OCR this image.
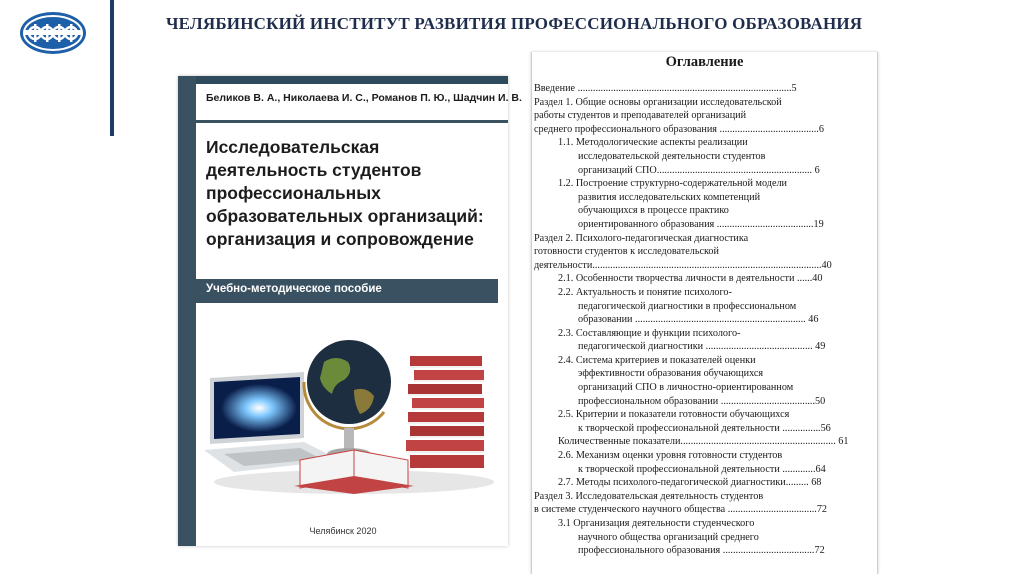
ЧЕЛЯБИНСКИЙ ИНСТИТУТ РАЗВИТИЯ ПРОФЕССИОНАЛЬНОГО ОБРАЗОВАНИЯ
Беликов В. А., Николаева И. С., Романов П. Ю., Шадчин И. В.
Исследовательская
деятельность студентов
профессиональных
образовательных организаций:
организация и сопровождение
Учебно-методическое пособие
Челябинск 2020
Оглавление
Введение ....................................................................................5
Раздел 1. Общие основы организации исследовательской
работы студентов и преподавателей организаций
среднего профессионального образования .......................................6
1.1. Методологические аспекты реализации
исследовательской деятельности студентов
организаций СПО............................................................. 6
1.2. Построение структурно-содержательной модели
развития исследовательских компетенций
обучающихся в процессе практико
ориентированного образования ......................................19
Раздел 2. Психолого-педагогическая диагностика
готовности студентов к исследовательской
деятельности..........................................................................................40
2.1. Особенности творчества личности в деятельности ......40
2.2. Актуальность и понятие психолого-
педагогической диагностики в профессиональном
образовании ................................................................... 46
2.3. Составляющие и функции психолого-
педагогической диагностики .......................................... 49
2.4. Система критериев и показателей оценки
эффективности образования обучающихся
организаций СПО в личностно-ориентированном
профессиональном образовании .....................................50
2.5. Критерии и показатели готовности обучающихся
к творческой профессиональной деятельности ...............56
Количественные показатели............................................................. 61
2.6. Механизм оценки уровня готовности студентов
к творческой профессиональной деятельности .............64
2.7. Методы психолого-педагогической диагностики......... 68
Раздел 3. Исследовательская деятельность студентов
в системе студенческого научного общества ...................................72
3.1 Организация деятельности студенческого
научного общества организаций среднего
профессионального образования ....................................72
